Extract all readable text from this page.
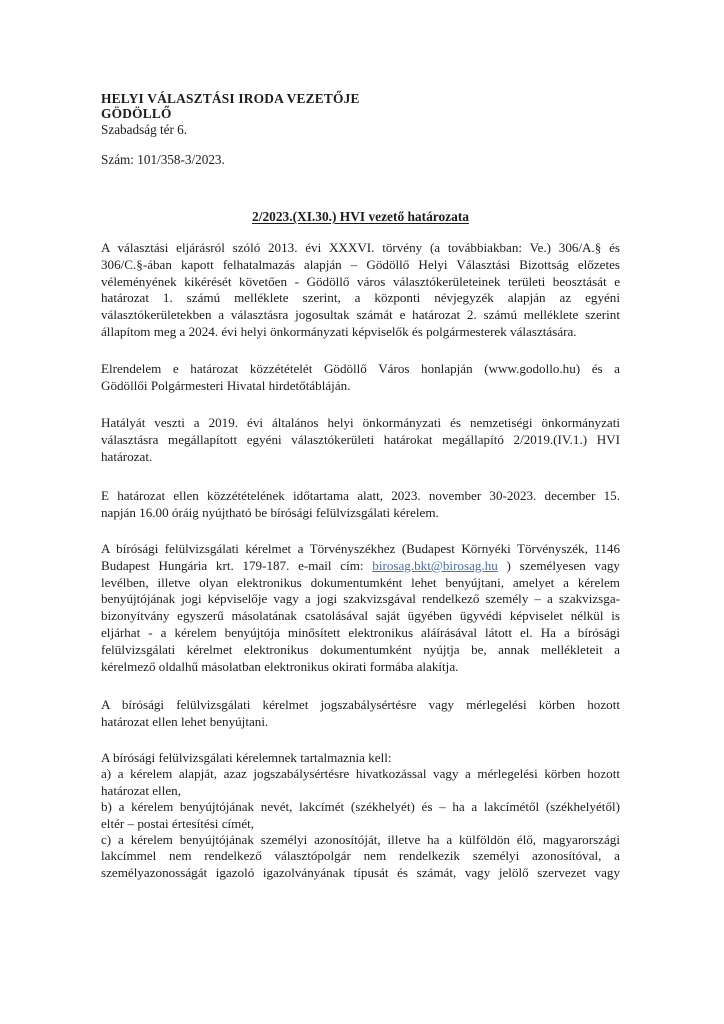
HELYI VÁLASZTÁSI IRODA VEZETŐJE
GÖDÖLLŐ
Szabadság tér 6.
Szám: 101/358-3/2023.
2/2023.(XI.30.) HVI vezető határozata
A választási eljárásról szóló 2013. évi XXXVI. törvény (a továbbiakban: Ve.) 306/A.§ és
306/C.§-ában kapott felhatalmazás alapján – Gödöllő Helyi Választási Bizottság előzetes
véleményének kikérését követően - Gödöllő város választókerületeinek területi beosztását e
határozat 1. számú melléklete szerint, a központi névjegyzék alapján az egyéni
választókerületekben a választásra jogosultak számát e határozat 2. számú melléklete szerint
állapítom meg a 2024. évi helyi önkormányzati képviselők és polgármesterek választására.
Elrendelem e határozat közzétételét Gödöllő Város honlapján (www.godollo.hu) és a
Gödöllői Polgármesteri Hivatal hirdetőtábláján.
Hatályát veszti a 2019. évi általános helyi önkormányzati és nemzetiségi önkormányzati
választásra megállapított egyéni választókerületi határokat megállapító 2/2019.(IV.1.) HVI
határozat.
E határozat ellen közzétételének időtartama alatt, 2023. november 30-2023. december 15.
napján 16.00 óráig nyújtható be bírósági felülvizsgálati kérelem.
A bírósági felülvizsgálati kérelmet a Törvényszékhez (Budapest Környéki Törvényszék, 1146
Budapest Hungária krt. 179-187. e-mail cím: birosag.bkt@birosag.hu ) személyesen vagy
levélben, illetve olyan elektronikus dokumentumként lehet benyújtani, amelyet a kérelem
benyújtójának jogi képviselője vagy a jogi szakvizsgával rendelkező személy – a szakvizsga-
bizonyítvány egyszerű másolatának csatolásával saját ügyében ügyvédi képviselet nélkül is
eljárhat - a kérelem benyújtója minősített elektronikus aláírásával látott el. Ha a bírósági
felülvizsgálati kérelmet elektronikus dokumentumként nyújtja be, annak mellékleteit a
kérelmező oldalhű másolatban elektronikus okirati formába alakítja.
A bírósági felülvizsgálati kérelmet jogszabálysértésre vagy mérlegelési körben hozott
határozat ellen lehet benyújtani.
A bírósági felülvizsgálati kérelemnek tartalmaznia kell:
a) a kérelem alapját, azaz jogszabálysértésre hivatkozással vagy a mérlegelési körben hozott
határozat ellen,
b) a kérelem benyújtójának nevét, lakcímét (székhelyét) és – ha a lakcímétől (székhelyétől)
eltér – postai értesítési címét,
c) a kérelem benyújtójának személyi azonosítóját, illetve ha a külföldön élő, magyarországi
lakcímmel nem rendelkező választópolgár nem rendelkezik személyi azonosítóval, a
személyazonosságát igazoló igazolványának típusát és számát, vagy jelölő szervezet vagy
